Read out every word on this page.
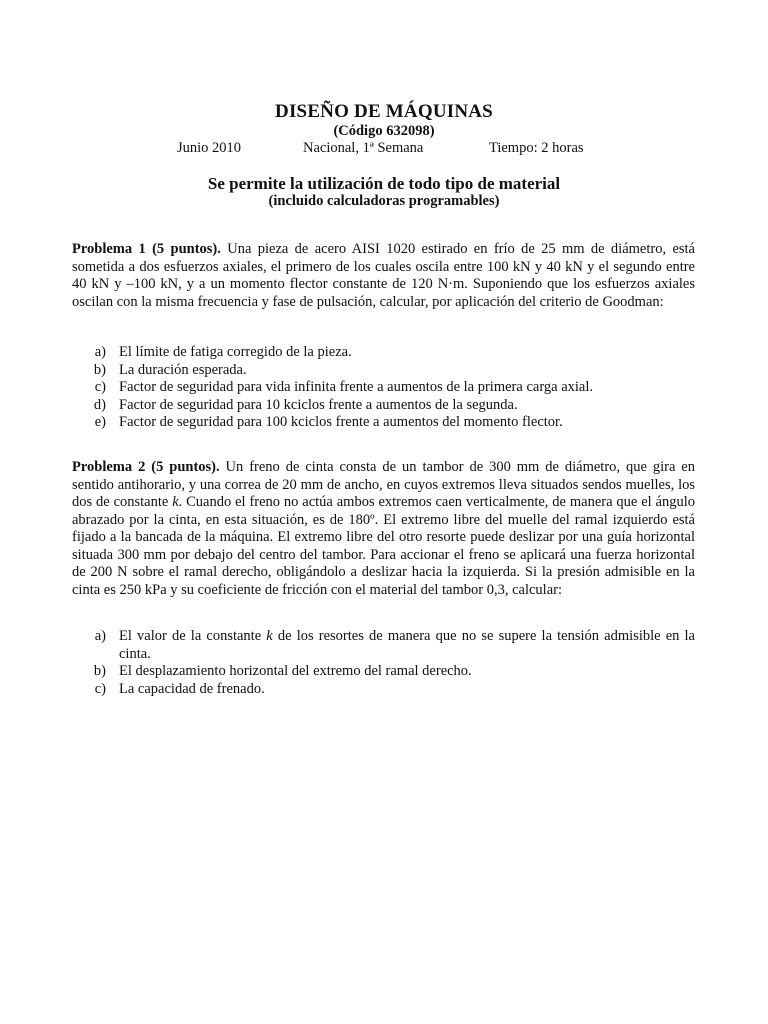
DISEÑO DE MÁQUINAS
(Código 632098)
Junio 2010	Nacional, 1ª Semana	Tiempo: 2 horas
Se permite la utilización de todo tipo de material
(incluido calculadoras programables)
Problema 1 (5 puntos). Una pieza de acero AISI 1020 estirado en frío de 25 mm de diámetro, está sometida a dos esfuerzos axiales, el primero de los cuales oscila entre 100 kN y 40 kN y el segundo entre 40 kN y –100 kN, y a un momento flector constante de 120 N·m. Suponiendo que los esfuerzos axiales oscilan con la misma frecuencia y fase de pulsación, calcular, por aplicación del criterio de Goodman:
a) El límite de fatiga corregido de la pieza.
b) La duración esperada.
c) Factor de seguridad para vida infinita frente a aumentos de la primera carga axial.
d) Factor de seguridad para 10 kciclos frente a aumentos de la segunda.
e) Factor de seguridad para 100 kciclos frente a aumentos del momento flector.
Problema 2 (5 puntos). Un freno de cinta consta de un tambor de 300 mm de diámetro, que gira en sentido antihorario, y una correa de 20 mm de ancho, en cuyos extremos lleva situados sendos muelles, los dos de constante k. Cuando el freno no actúa ambos extremos caen verticalmente, de manera que el ángulo abrazado por la cinta, en esta situación, es de 180º. El extremo libre del muelle del ramal izquierdo está fijado a la bancada de la máquina. El extremo libre del otro resorte puede deslizar por una guía horizontal situada 300 mm por debajo del centro del tambor. Para accionar el freno se aplicará una fuerza horizontal de 200 N sobre el ramal derecho, obligándolo a deslizar hacia la izquierda. Si la presión admisible en la cinta es 250 kPa y su coeficiente de fricción con el material del tambor 0,3, calcular:
a) El valor de la constante k de los resortes de manera que no se supere la tensión admisible en la cinta.
b) El desplazamiento horizontal del extremo del ramal derecho.
c) La capacidad de frenado.
